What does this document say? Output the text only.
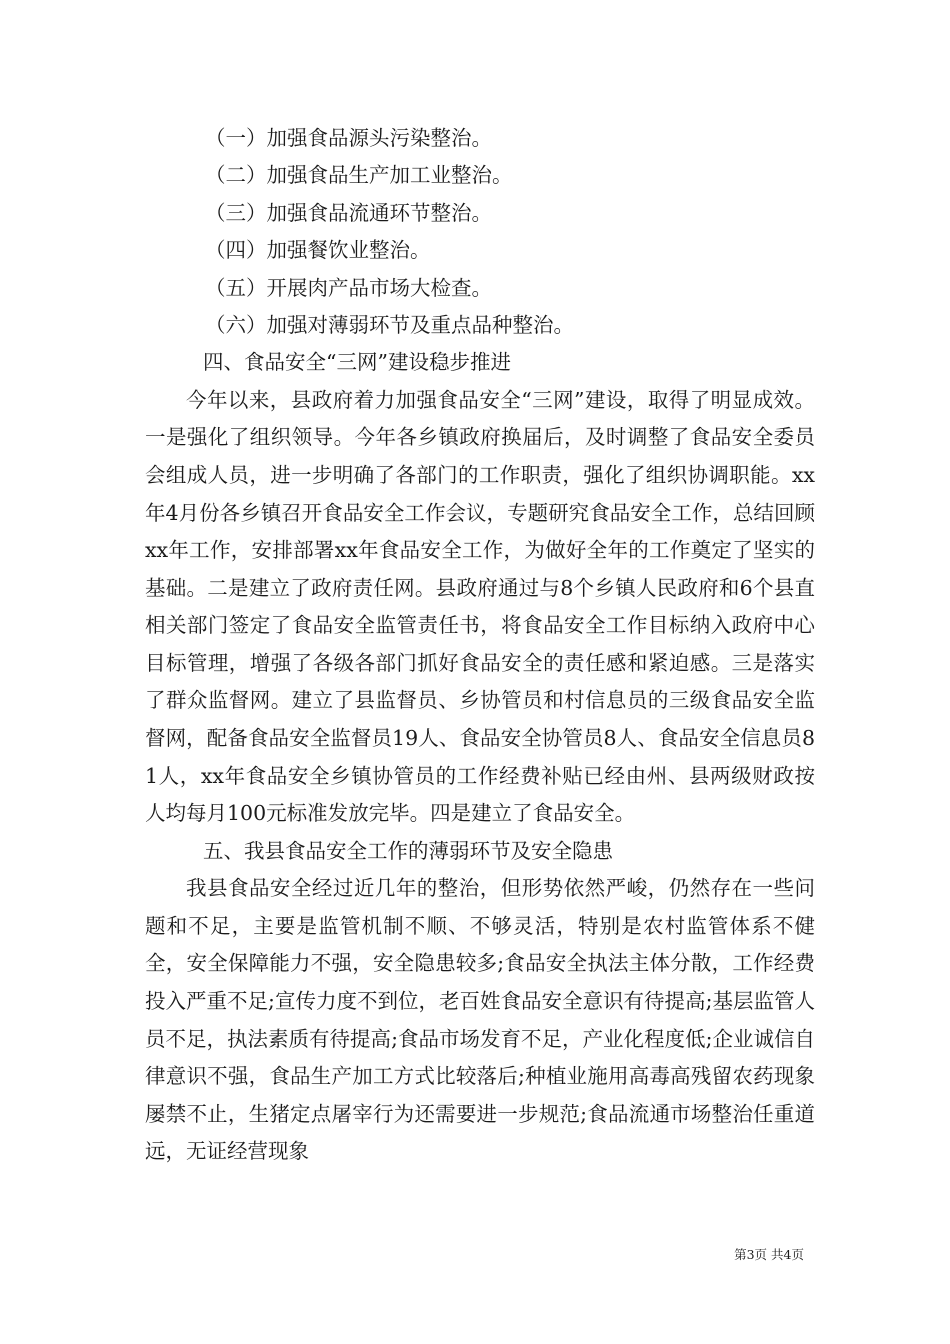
（一）加强食品源头污染整治。

（二）加强食品生产加工业整治。

（三）加强食品流通环节整治。

（四）加强餐饮业整治。

（五）开展肉产品市场大检查。

（六）加强对薄弱环节及重点品种整治。

四、食品安全“三网”建设稳步推进

今年以来，县政府着力加强食品安全“三网”建设，取得了明显成效。一是强化了组织领导。今年各乡镇政府换届后，及时调整了食品安全委员会组成人员，进一步明确了各部门的工作职责，强化了组织协调职能。xx年4月份各乡镇召开食品安全工作会议，专题研究食品安全工作，总结回顾xx年工作，安排部署xx年食品安全工作，为做好全年的工作奠定了坚实的基础。二是建立了政府责任网。县政府通过与8个乡镇人民政府和6个县直相关部门签定了食品安全监管责任书，将食品安全工作目标纳入政府中心目标管理，增强了各级各部门抓好食品安全的责任感和紧迫感。三是落实了群众监督网。建立了县监督员、乡协管员和村信息员的三级食品安全监督网，配备食品安全监督员19人、食品安全协管员8人、食品安全信息员81人，xx年食品安全乡镇协管员的工作经费补贴已经由州、县两级财政按人均每月100元标准发放完毕。四是建立了食品安全。

五、我县食品安全工作的薄弱环节及安全隐患

我县食品安全经过近几年的整治，但形势依然严峻，仍然存在一些问题和不足，主要是监管机制不顺、不够灵活，特别是农村监管体系不健全，安全保障能力不强，安全隐患较多;食品安全执法主体分散，工作经费投入严重不足;宣传力度不到位，老百姓食品安全意识有待提高;基层监管人员不足，执法素质有待提高;食品市场发育不足，产业化程度低;企业诚信自律意识不强，食品生产加工方式比较落后;种植业施用高毒高残留农药现象屡禁不止，生猪定点屠宰行为还需要进一步规范;食品流通市场整治任重道远，无证经营现象

第3页 共4页
